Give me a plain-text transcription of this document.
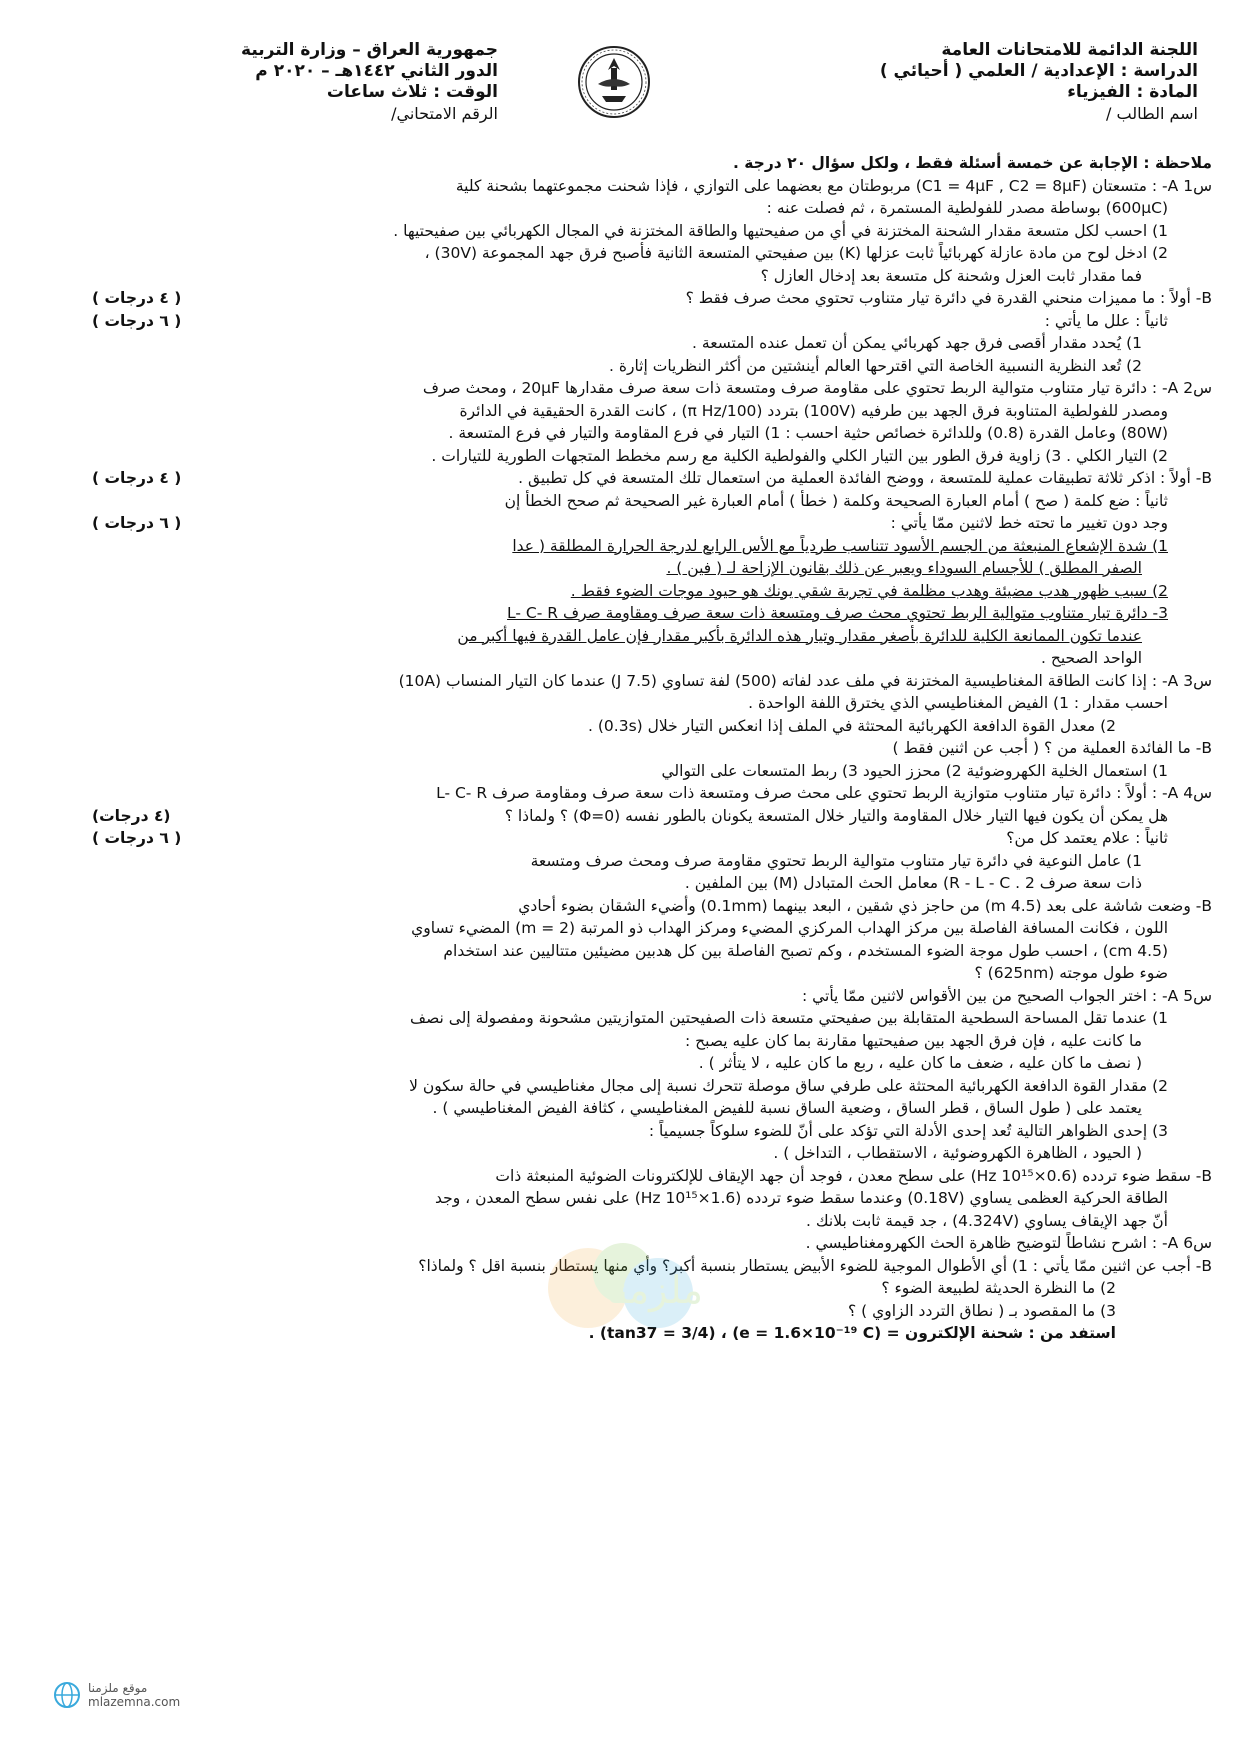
اللجنة الدائمة للامتحانات العامة
الدراسة : الإعدادية / العلمي ( أحيائي )
المادة : الفيزياء
اسم الطالب /
جمهورية العراق – وزارة التربية
الدور الثاني ١٤٤٢هـ – ٢٠٢٠ م
الوقت : ثلاث ساعات
الرقم الامتحاني/
ملاحظة : الإجابة عن خمسة أسئلة فقط ، ولكل سؤال ٢٠ درجة .
س1 A- : متسعتان (C1 = 4μF , C2 = 8μF) مربوطتان مع بعضهما على التوازي ، فإذا شحنت مجموعتهما بشحنة كلية
(600μC) بوساطة مصدر للفولطية المستمرة ، ثم فصلت عنه :
1) احسب لكل متسعة مقدار الشحنة المختزنة في أي من صفيحتيها والطاقة المختزنة في المجال الكهربائي بين صفيحتيها .
2) ادخل لوح من مادة عازلة كهربائياً ثابت عزلها (K) بين صفيحتي المتسعة الثانية فأصبح فرق جهد المجموعة (30V) ،
فما مقدار ثابت العزل وشحنة كل متسعة بعد إدخال العازل ؟
B- أولاً : ما مميزات منحني القدرة في دائرة تيار متناوب تحتوي محث صرف فقط ؟
( ٤ درجات )
ثانياً : علل ما يأتي :
( ٦ درجات )
1) يُحدد مقدار أقصى فرق جهد كهربائي يمكن أن تعمل عنده المتسعة .
2) تُعد النظرية النسبية الخاصة التي اقترحها العالم أينشتين من أكثر النظريات إثارة .
س2 A- : دائرة تيار متناوب متوالية الربط تحتوي على مقاومة صرف ومتسعة ذات سعة صرف مقدارها 20μF ، ومحث صرف
ومصدر للفولطية المتناوبة فرق الجهد بين طرفيه (100V) بتردد (100/π Hz) ، كانت القدرة الحقيقية في الدائرة
(80W) وعامل القدرة (0.8) وللدائرة خصائص حثية احسب : 1) التيار في فرع المقاومة والتيار في فرع المتسعة .
2) التيار الكلي . 3) زاوية فرق الطور بين التيار الكلي والفولطية الكلية مع رسم مخطط المتجهات الطورية للتيارات .
B- أولاً : اذكر ثلاثة تطبيقات عملية للمتسعة ، ووضح الفائدة العملية من استعمال تلك المتسعة في كل تطبيق .
( ٤ درجات )
ثانياً : ضع كلمة ( صح ) أمام العبارة الصحيحة وكلمة ( خطأ ) أمام العبارة غير الصحيحة ثم صحح الخطأ إن
وجد دون تغيير ما تحته خط لاثنين ممّا يأتي :
( ٦ درجات )
1) شدة الإشعاع المنبعثة من الجسم الأسود تتناسب طردياً مع الأس الرابع لدرجة الحرارة المطلقة ( عدا
الصفر المطلق ) للأجسام السوداء ويعبر عن ذلك بقانون الإزاحة لـ ( فين ) .
2) سبب ظهور هدب مضيئة وهدب مظلمة في تجربة شقي يونك هو حيود موجات الضوء فقط .
3- دائرة تيار متناوب متوالية الربط تحتوي محث صرف ومتسعة ذات سعة صرف ومقاومة صرف L- C- R
عندما تكون الممانعة الكلية للدائرة بأصغر مقدار وتيار هذه الدائرة بأكبر مقدار فإن عامل القدرة فيها أكبر من
الواحد الصحيح .
س3 A- : إذا كانت الطاقة المغناطيسية المختزنة في ملف عدد لفاته (500) لفة تساوي (7.5 J) عندما كان التيار المنساب (10A)
احسب مقدار : 1) الفيض المغناطيسي الذي يخترق اللفة الواحدة .
2) معدل القوة الدافعة الكهربائية المحتثة في الملف إذا انعكس التيار خلال (0.3s) .
B- ما الفائدة العملية من ؟ ( أجب عن اثنين فقط )
1) استعمال الخلية الكهروضوئية 2) محزز الحيود 3) ربط المتسعات على التوالي
س4 A- : أولاً : دائرة تيار متناوب متوازية الربط تحتوي على محث صرف ومتسعة ذات سعة صرف ومقاومة صرف L- C- R
هل يمكن أن يكون فيها التيار خلال المقاومة والتيار خلال المتسعة يكونان بالطور نفسه (Φ=0) ؟ ولماذا ؟
(٤ درجات)
ثانياً : علام يعتمد كل من؟
( ٦ درجات )
1) عامل النوعية في دائرة تيار متناوب متوالية الربط تحتوي مقاومة صرف ومحث صرف ومتسعة
ذات سعة صرف R - L - C . 2) معامل الحث المتبادل (M) بين الملفين .
B- وضعت شاشة على بعد (4.5 m) من حاجز ذي شقين ، البعد بينهما (0.1mm) وأضيء الشقان بضوء أحادي
اللون ، فكانت المسافة الفاصلة بين مركز الهداب المركزي المضيء ومركز الهداب ذو المرتبة (m = 2) المضيء تساوي
(4.5 cm) ، احسب طول موجة الضوء المستخدم ، وكم تصبح الفاصلة بين كل هدبين مضيئين متتاليين عند استخدام
ضوء طول موجته (625nm) ؟
س5 A- : اختر الجواب الصحيح من بين الأقواس لاثنين ممّا يأتي :
1) عندما تقل المساحة السطحية المتقابلة بين صفيحتي متسعة ذات الصفيحتين المتوازيتين مشحونة ومفصولة إلى نصف
ما كانت عليه ، فإن فرق الجهد بين صفيحتيها مقارنة بما كان عليه يصبح :
( نصف ما كان عليه ، ضعف ما كان عليه ، ربع ما كان عليه ، لا يتأثر ) .
2) مقدار القوة الدافعة الكهربائية المحتثة على طرفي ساق موصلة تتحرك نسبة إلى مجال مغناطيسي في حالة سكون لا
يعتمد على ( طول الساق ، قطر الساق ، وضعية الساق نسبة للفيض المغناطيسي ، كثافة الفيض المغناطيسي ) .
3) إحدى الظواهر التالية تُعد إحدى الأدلة التي تؤكد على أنّ للضوء سلوكاً جسيمياً :
( الحيود ، الظاهرة الكهروضوئية ، الاستقطاب ، التداخل ) .
B- سقط ضوء تردده (0.6×10¹⁵ Hz) على سطح معدن ، فوجد أن جهد الإيقاف للإلكترونات الضوئية المنبعثة ذات
الطاقة الحركية العظمى يساوي (0.18V) وعندما سقط ضوء تردده (1.6×10¹⁵ Hz) على نفس سطح المعدن ، وجد
أنّ جهد الإيقاف يساوي (4.324V) ، جد قيمة ثابت بلانك .
س6 A- : اشرح نشاطاً لتوضيح ظاهرة الحث الكهرومغناطيسي .
B- أجب عن اثنين ممّا يأتي : 1) أي الأطوال الموجية للضوء الأبيض يستطار بنسبة أكبر؟ وأي منها يستطار بنسبة اقل ؟ ولماذا؟
2) ما النظرة الحديثة لطبيعة الضوء ؟
3) ما المقصود بـ ( نطاق التردد الزاوي ) ؟
استفد من : شحنة الإلكترون = (e = 1.6×10⁻¹⁹ C) ، (tan37 = 3/4) .
ملزمنا
موقع ملزمنا
mlazemna.com
